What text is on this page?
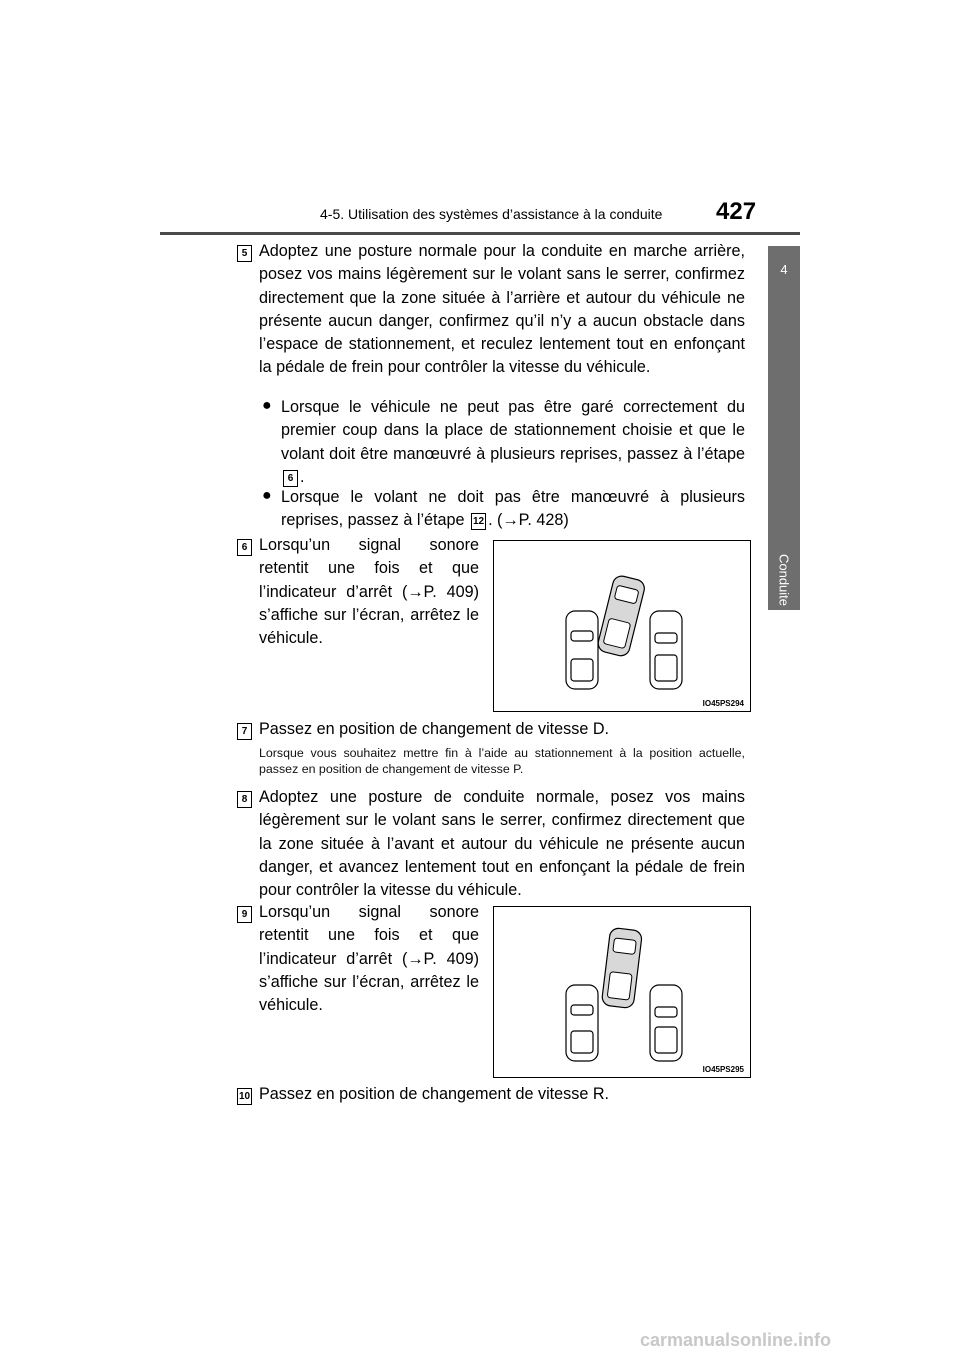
4-5. Utilisation des systèmes d’assistance à la conduite 427
4
Conduite
5 Adoptez une posture normale pour la conduite en marche arrière, posez vos mains légèrement sur le volant sans le serrer, confirmez directement que la zone située à l’arrière et autour du véhicule ne présente aucun danger, confirmez qu’il n’y a aucun obstacle dans l’espace de stationnement, et reculez lentement tout en enfonçant la pédale de frein pour contrôler la vitesse du véhicule.
● Lorsque le véhicule ne peut pas être garé correctement du premier coup dans la place de stationnement choisie et que le volant doit être manœuvré à plusieurs reprises, passez à l’étape 6 .
● Lorsque le volant ne doit pas être manœuvré à plusieurs reprises, passez à l’étape 12 . (→P. 428)
6 Lorsqu’un signal sonore retentit une fois et que l’indicateur d’arrêt (→P. 409) s’affiche sur l’écran, arrêtez le véhicule.
IO45PS294
7 Passez en position de changement de vitesse D.
Lorsque vous souhaitez mettre fin à l’aide au stationnement à la position actuelle, passez en position de changement de vitesse P.
8 Adoptez une posture de conduite normale, posez vos mains légèrement sur le volant sans le serrer, confirmez directement que la zone située à l’avant et autour du véhicule ne présente aucun danger, et avancez lentement tout en enfonçant la pédale de frein pour contrôler la vitesse du véhicule.
9 Lorsqu’un signal sonore retentit une fois et que l’indicateur d’arrêt (→P. 409) s’affiche sur l’écran, arrêtez le véhicule.
IO45PS295
10 Passez en position de changement de vitesse R.
carmanualsonline.info
